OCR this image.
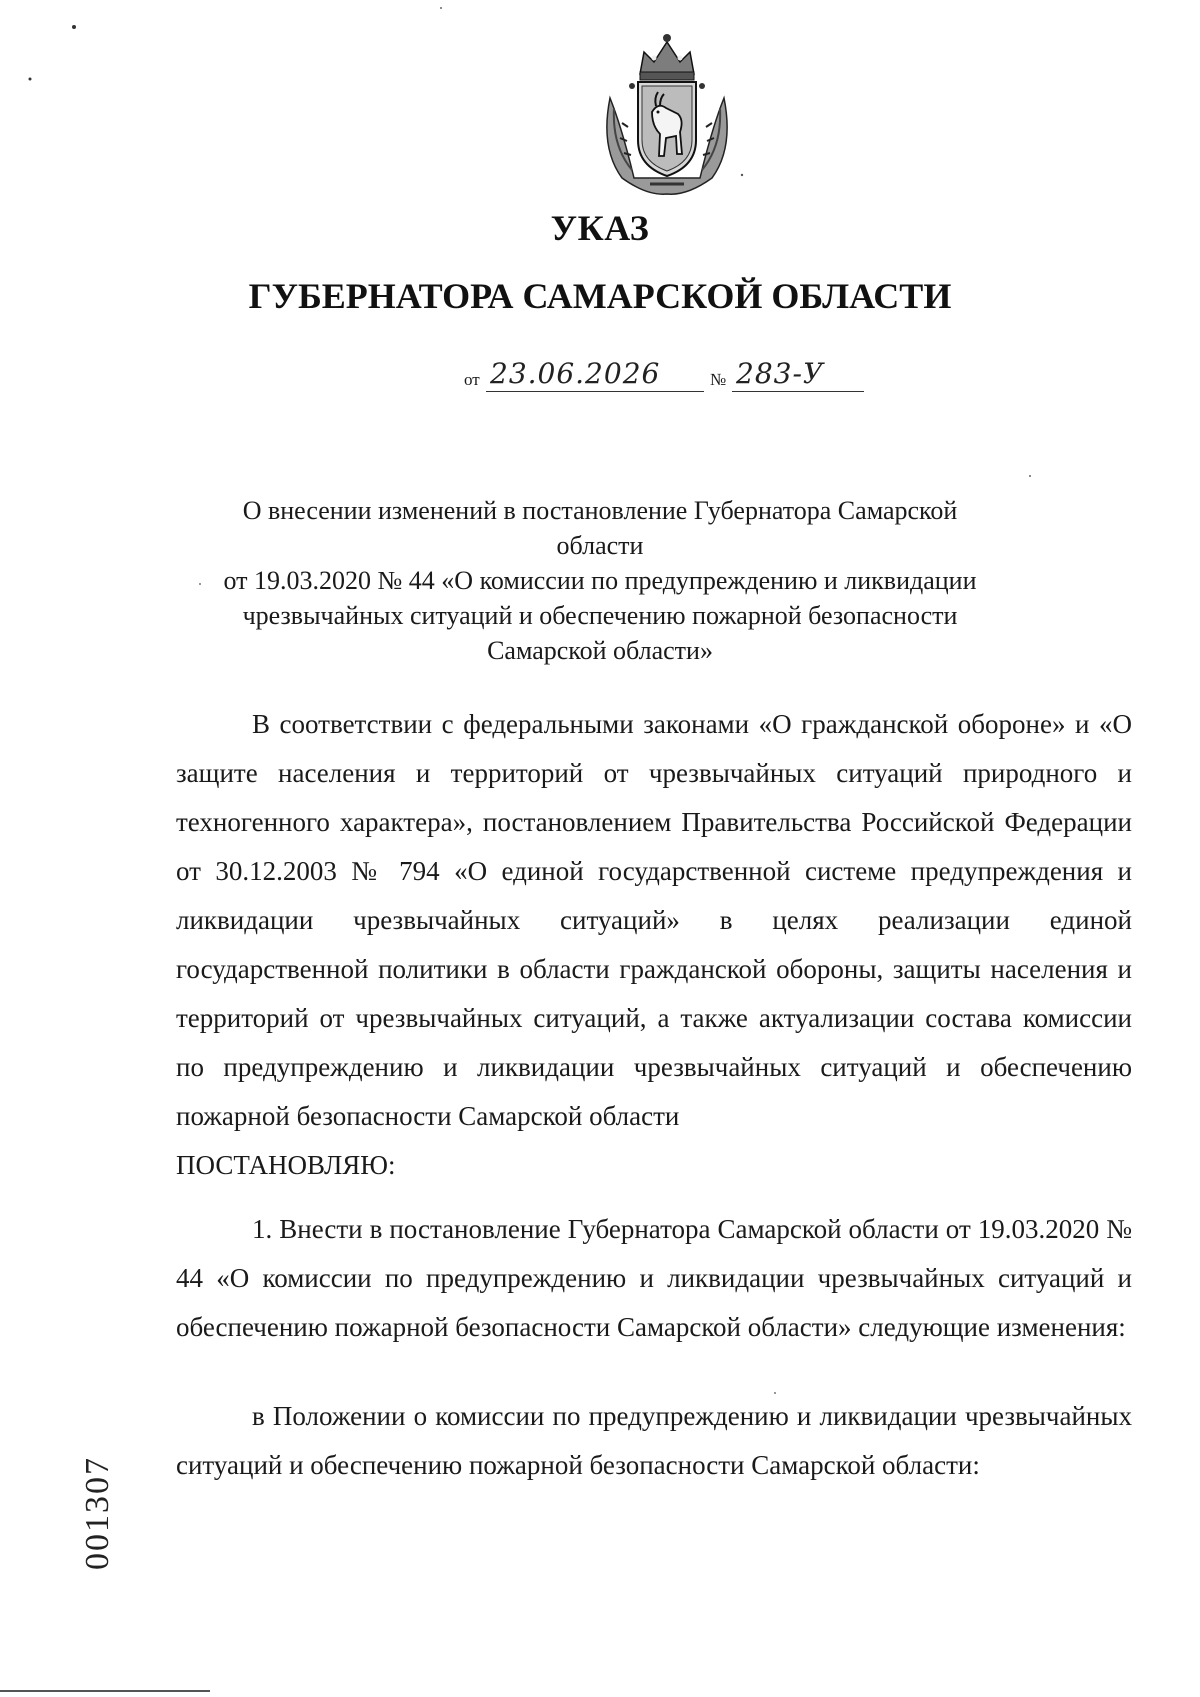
УКАЗ
ГУБЕРНАТОРА САМАРСКОЙ ОБЛАСТИ
от 23.06.2026	№ 283-У
О внесении изменений в постановление Губернатора Самарской области
от 19.03.2020 № 44 «О комиссии по предупреждению и ликвидации
чрезвычайных ситуаций и обеспечению пожарной безопасности
Самарской области»

В соответствии с федеральными законами «О гражданской обороне» и «О защите населения и территорий от чрезвычайных ситуаций природного и техногенного характера», постановлением Правительства Российской Федерации от 30.12.2003 № 794 «О единой государственной системе предупреждения и ликвидации чрезвычайных ситуаций» в целях реализации единой государственной политики в области гражданской обороны, защиты населения и территорий от чрезвычайных ситуаций, а также актуализации состава комиссии по предупреждению и ликвидации чрезвычайных ситуаций и обеспечению пожарной безопасности Самарской области

ПОСТАНОВЛЯЮ:

1. Внести в постановление Губернатора Самарской области от 19.03.2020 № 44 «О комиссии по предупреждению и ликвидации чрезвычайных ситуаций и обеспечению пожарной безопасности Самарской области» следующие изменения:

в Положении о комиссии по предупреждению и ликвидации чрезвычайных ситуаций и обеспечению пожарной безопасности Самарской области:

001307
